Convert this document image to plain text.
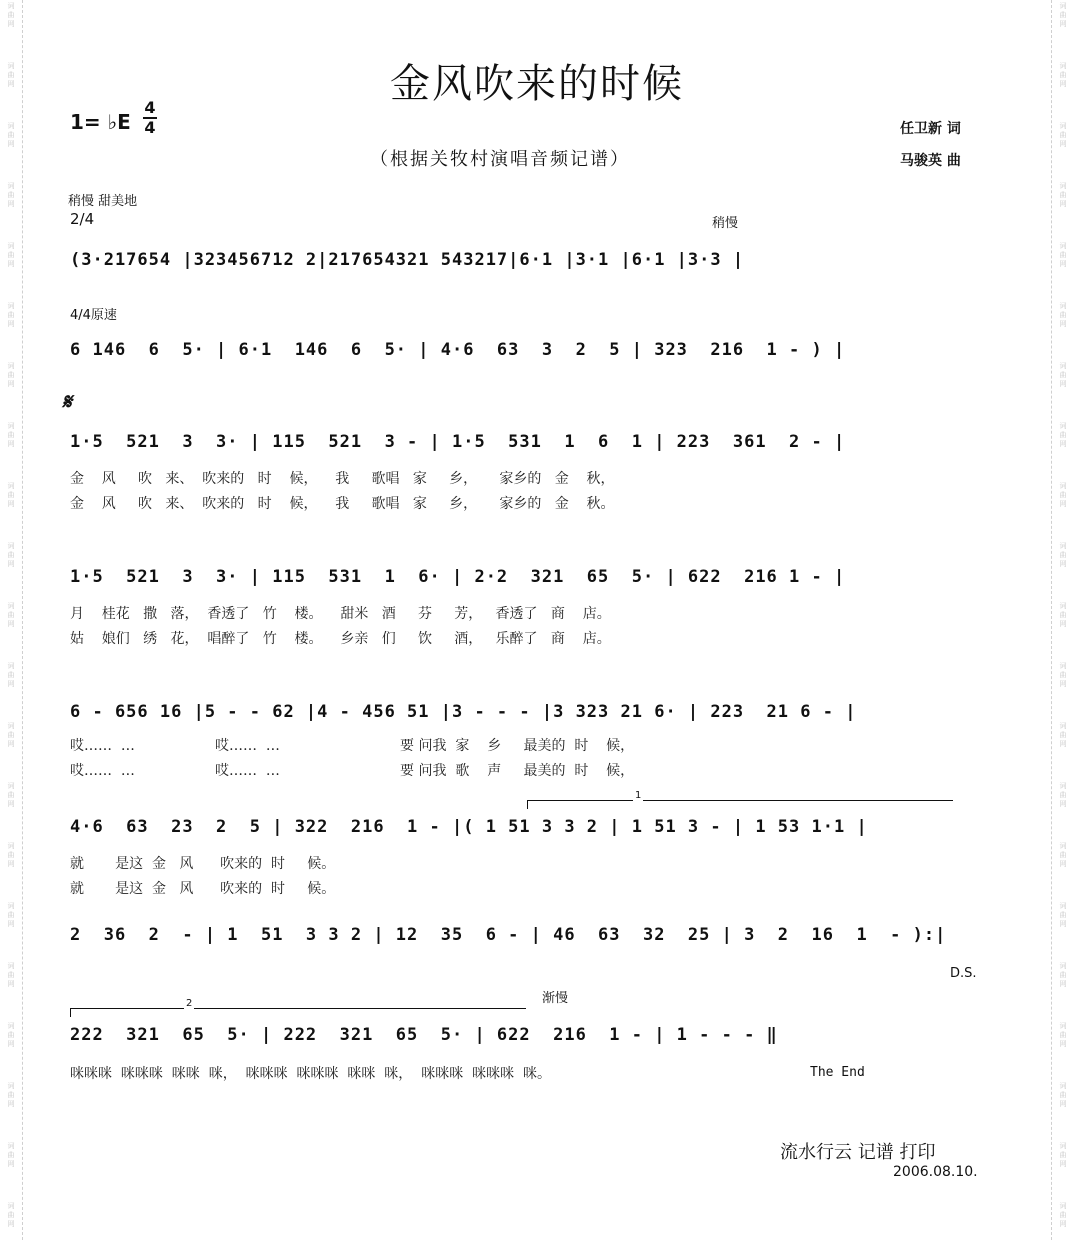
词
曲
网
词
曲
网
词
曲
网
词
曲
网
词
曲
网
词
曲
网
词
曲
网
词
曲
网
词
曲
网
词
曲
网
词
曲
网
词
曲
网
词
曲
网
词
曲
网
词
曲
网
词
曲
网
词
曲
网
词
曲
网
词
曲
网
词
曲
网
词
曲
网
词
曲
网
词
曲
网
词
曲
网
词
曲
网
词
曲
网
词
曲
网
词
曲
网
词
曲
网
词
曲
网
词
曲
网
词
曲
网
词
曲
网
词
曲
网
词
曲
网
词
曲
网
词
曲
网
词
曲
网
词
曲
网
词
曲
网
词
曲
网
词
曲
网
金风吹来的时候
1= ♭E
4
4
（根据关牧村演唱音频记谱）
任卫新 词
马骏英 曲
稍慢 甜美地
2/4	稍慢
4/4原速
𝄋
(3·217654 |323456712 2|217654321 543217|6·1 |3·1 |6·1 |3·3 |
6 146  6  5· | 6·1  146  6  5· | 4·6  63  3  2  5 | 323  216  1 - ) |
1·5  521  3  3· | 115  521  3 - | 1·5  531  1  6  1 | 223  361  2 - |
金    风     吹   来、  吹来的   时    候，    我     歌唱   家     乡，     家乡的   金    秋，
金    风     吹   来、  吹来的   时    候，    我     歌唱   家     乡，     家乡的   金    秋。
1·5  521  3  3· | 115  531  1  6· | 2·2  321  65  5· | 622  216 1 - |
月    桂花   撒   落，  香透了   竹    楼。    甜米   酒     芬     芳，   香透了   商    店。
姑    娘们   绣   花，  唱醉了   竹    楼。    乡亲   们     饮     酒，   乐醉了   商    店。
6 - 656 16 |5 - - 62 |4 - 456 51 |3 - - - |3 323 21 6· | 223  21 6 - |
哎……  …                  哎……  …                           要 问我  家    乡     最美的  时    候，
哎……  …                  哎……  …                           要 问我  歌    声     最美的  时    候，
1
4·6  63  23  2  5 | 322  216  1 - |( 1 51 3 3 2 | 1 51 3 - | 1 53 1·1 |
就       是这  金   风      吹来的  时     候。
就       是这  金   风      吹来的  时     候。
2  36  2  - | 1  51  3 3 2 | 12  35  6 - | 46  63  32  25 | 3  2  16  1  - ):|
D.S.
渐慢
2
222  321  65  5· | 222  321  65  5· | 622  216  1 - | 1 - - - ‖
咪咪咪  咪咪咪  咪咪  咪，  咪咪咪  咪咪咪  咪咪  咪，  咪咪咪  咪咪咪  咪。	The End
流水行云 记谱 打印
2006.08.10.
